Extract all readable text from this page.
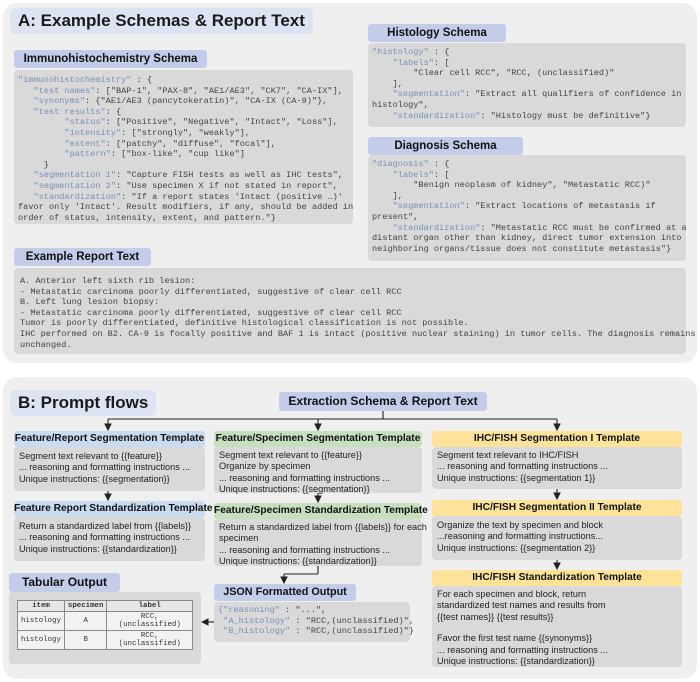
A: Example Schemas & Report Text
Immunohistochemistry Schema
"immunohistochemistry" : {
"test names": ["BAP-1", "PAX-8", "AE1/AE3", "CK7", "CA-IX"],
"synonyms": {"AE1/AE3 (pancytokeratin)", "CA-IX (CA-9)"},
"test results": {
"status": ["Positive", "Negative", "Intact", "Loss"],
"intensity": ["strongly", "weakly"],
"extent": ["patchy", "diffuse", "focal"],
"pattern": ["box-like", "cup like"]
}
"segmentation 1": "Capture FISH tests as well as IHC tests",
"segmentation 2": "Use specimen X if not stated in report",
"standardization": "If a report states 'Intact (positive …)'
favor only 'Intact'. Result modifiers, if any, should be added in
order of status, intensity, extent, and pattern."}
Histology Schema
"histology" : {
"labels": [
"Clear cell RCC", "RCC, (unclassified)"
],
"segmentation": "Extract all qualifiers of confidence in
histology",
"standardization": "Histology must be definitive"}
Diagnosis Schema
"diagnosis" : {
"labels": [
"Benign neoplasm of kidney", "Metastatic RCC)"
],
"segmentation": "Extract locations of metastasis if
present",
"standardization": "Metastatic RCC must be confirmed at a
distant organ other than kidney, direct tumor extension into
neighboring organs/tissue does not constitute metastasis"}
Example Report Text
A. Anterior left sixth rib lesion:
- Metastatic carcinoma poorly differentiated, suggestive of clear cell RCC
B. Left lung lesion biopsy:
- Metastatic carcinoma poorly differentiated, suggestive of clear cell RCC
Tumor is poorly differentiated, definitive histological classification is not possible.
IHC performed on B2. CA-9 is focally positive and BAF 1 is intact (positive nuclear staining) in tumor cells. The diagnosis remains
unchanged.
B: Prompt flows	Extraction Schema & Report Text
Feature/Report Segmentation Template
Segment text relevant to {{feature}}
... reasoning and formatting instructions ...
Unique instructions: {{segmentation}}
Feature Report Standardization Template
Return a standardized label from {{labels}}
... reasoning and formatting instructions ...
Unique instructions: {{standardization}}
Feature/Specimen Segmentation Template
Segment text relevant to {{feature}}
Organize by specimen
... reasoning and formatting instructions ...
Unique instructions: {{segmentation}}
Feature/Specimen Standardization Template
Return a standardized label from {{labels}} for each
specimen
... reasoning and formatting instructions ...
Unique instructions: {{standardization}}
IHC/FISH Segmentation I Template
Segment text relevant to IHC/FISH
... reasoning and formatting instructions ...
Unique instructions: {{segmentation 1}}
IHC/FISH Segmentation II Template
Organize the text by specimen and block
...reasoning and formatting instructions...
Unique instructions: {{segmentation 2}}
IHC/FISH Standardization Template
For each specimen and block, return
standardized test names and results from
{{test names}} {{test results}}
Favor the first test name {{synonyms}}
... reasoning and formatting instructions ...
Unique instructions: {{standardization}}
Tabular Output
item	specimen	label
histology	A	RCC, (unclassified)
histology	B	RCC, (unclassified)
JSON Formatted Output
{"reasoning" : "...",
"A_histology" : "RCC,(unclassified)",
"B_histology" : "RCC,(unclassified)"}
